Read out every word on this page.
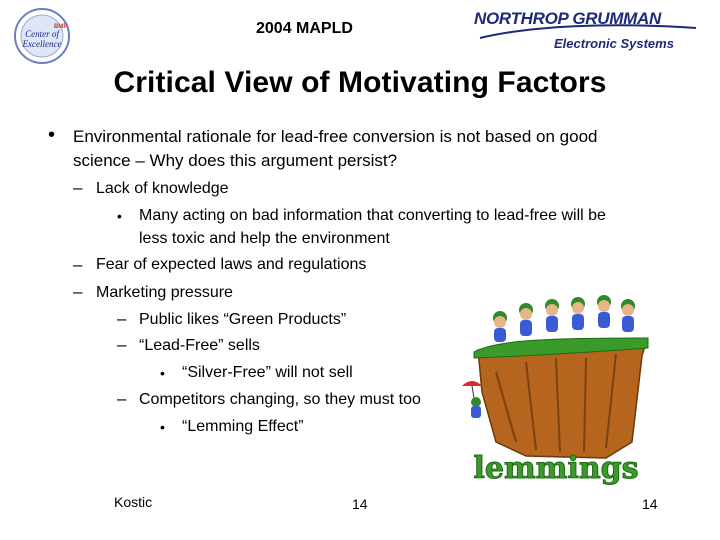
2004 MAPLD
BMP
Center of
Excellence
NORTHROP GRUMMAN
Electronic Systems
Critical View of Motivating Factors
• Environmental rationale for lead-free conversion is not based on good
science – Why does this argument persist?
– Lack of knowledge
• Many acting on bad information that converting to lead-free will be
less toxic and help the environment
– Fear of expected laws and regulations
– Marketing pressure
– Public likes “Green Products”
– “Lead-Free” sells
• “Silver-Free” will not sell
– Competitors changing, so they must too
• “Lemming Effect”
lemmings
Kostic	14	14
